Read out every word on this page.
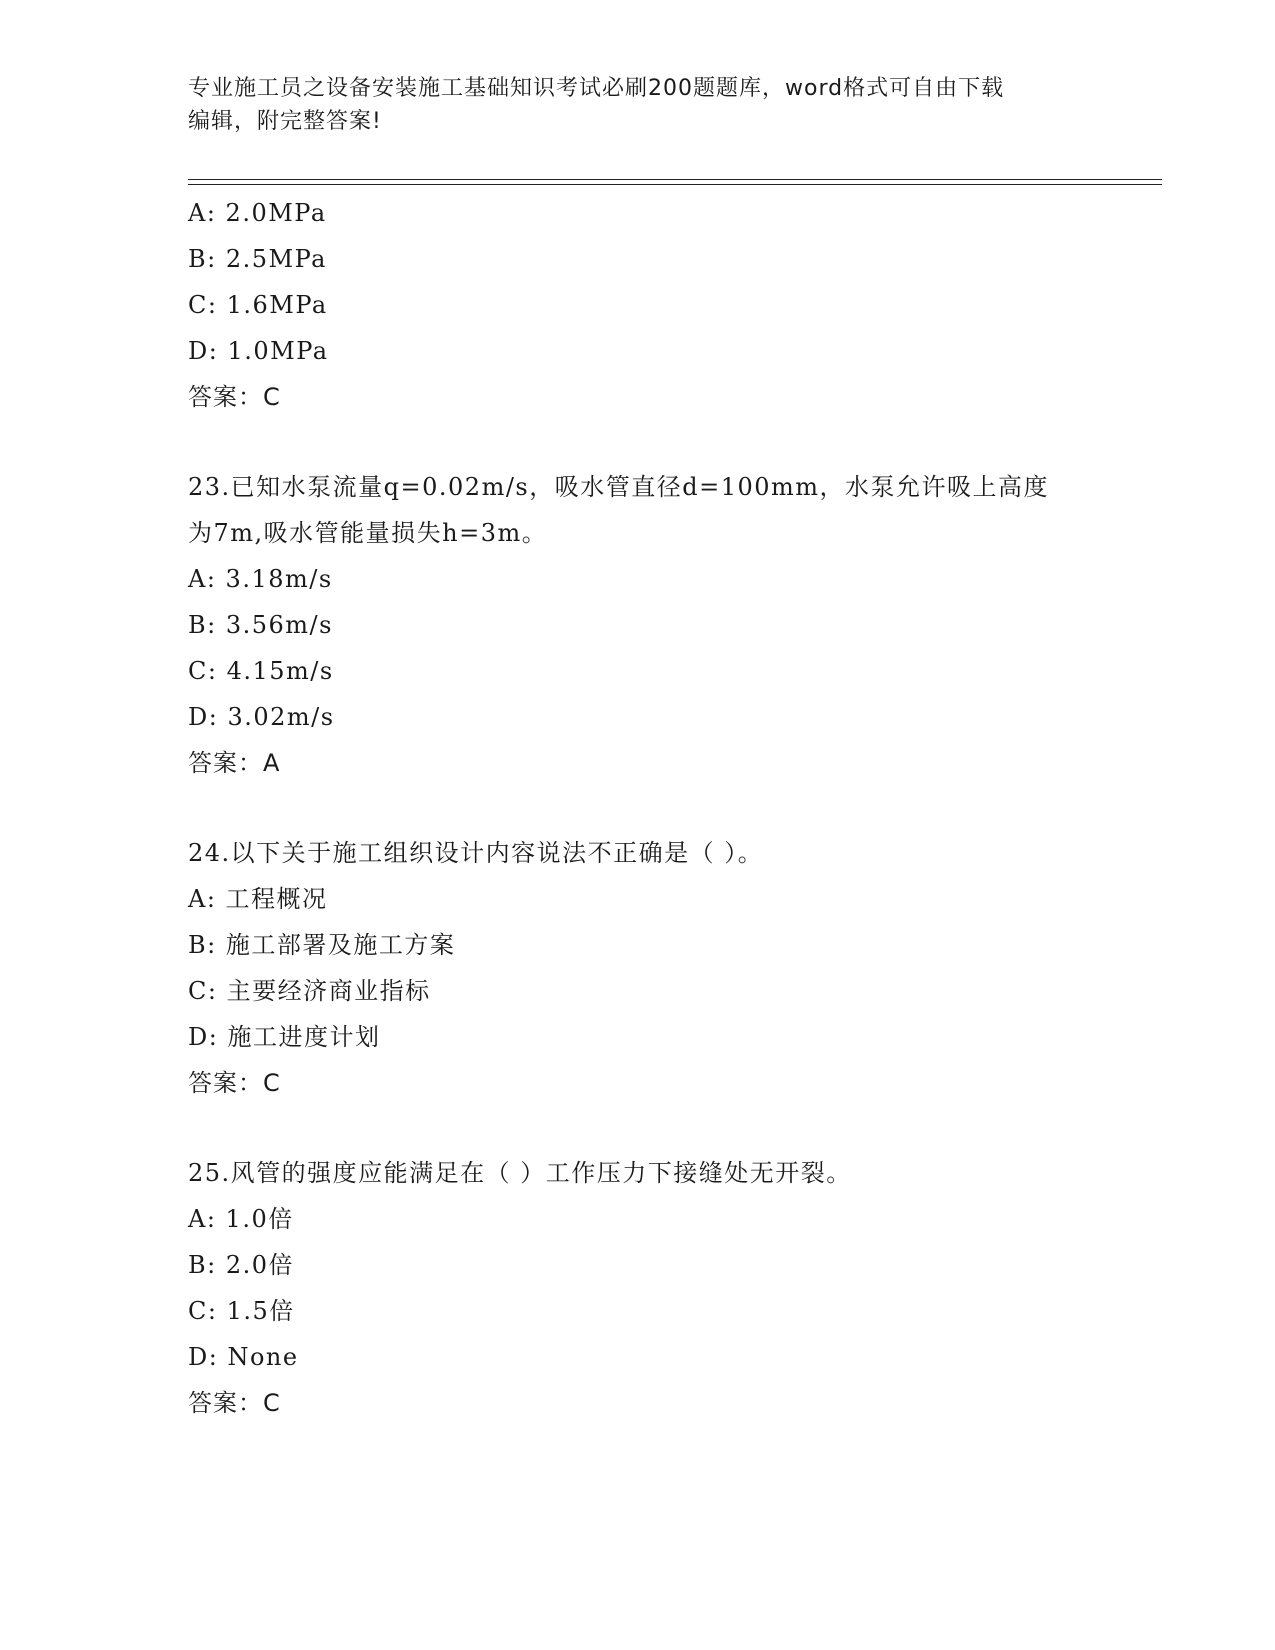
专业施工员之设备安装施工基础知识考试必刷200题题库，word格式可自由下载
编辑，附完整答案!
A: 2.0MPa
B: 2.5MPa
C: 1.6MPa
D: 1.0MPa
答案：C
23.已知水泵流量q=0.02m/s，吸水管直径d=100mm，水泵允许吸上高度为7m,吸水管能量损失h=3m。
A: 3.18m/s
B: 3.56m/s
C: 4.15m/s
D: 3.02m/s
答案：A
24.以下关于施工组织设计内容说法不正确是（ ）。
A: 工程概况
B: 施工部署及施工方案
C: 主要经济商业指标
D: 施工进度计划
答案：C
25.风管的强度应能满足在（ ）工作压力下接缝处无开裂。
A: 1.0倍
B: 2.0倍
C: 1.5倍
D: None
答案：C
